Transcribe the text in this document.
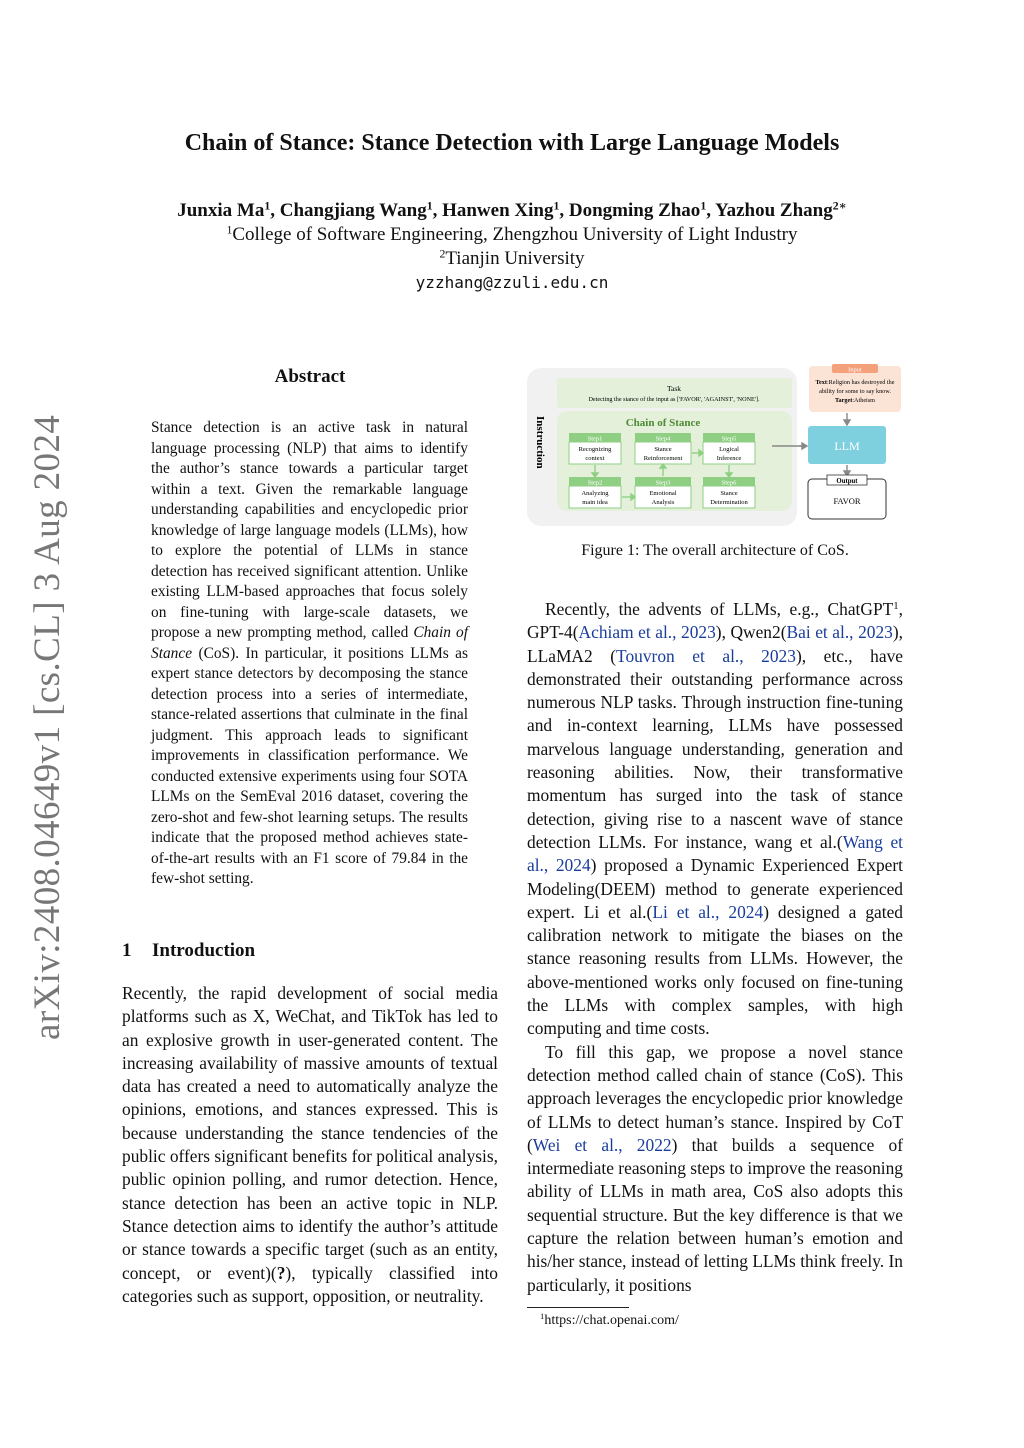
arXiv:2408.04649v1 [cs.CL] 3 Aug 2024
Chain of Stance: Stance Detection with Large Language Models
Junxia Ma$^1$, Changjiang Wang$^1$, Hanwen Xing$^1$, Dongming Zhao$^1$, Yazhou Zhang$^{2∗}$
$^1$College of Software Engineering, Zhengzhou University of Light Industry
$^2$Tianjin University
yzzhang@zzuli.edu.cn
Abstract
Stance detection is an active task in natural language processing (NLP) that aims to identify the author’s stance towards a particular target within a text. Given the remarkable language understanding capabilities and encyclopedic prior knowledge of large language models (LLMs), how to explore the potential of LLMs in stance detection has received significant attention. Unlike existing LLM-based approaches that focus solely on fine-tuning with large-scale datasets, we propose a new prompting method, called Chain of Stance (CoS). In particular, it positions LLMs as expert stance detectors by decomposing the stance detection process into a series of intermediate, stance-related assertions that culminate in the final judgment. This approach leads to significant improvements in classification performance. We conducted extensive experiments using four SOTA LLMs on the SemEval 2016 dataset, covering the zero-shot and few-shot learning setups. The results indicate that the proposed method achieves state-of-the-art results with an F1 score of 79.84 in the few-shot setting.
1 Introduction

Recently, the rapid development of social media platforms such as X, WeChat, and TikTok has led to an explosive growth in user-generated content. The increasing availability of massive amounts of textual data has created a need to automatically analyze the opinions, emotions, and stances expressed. This is because understanding the stance tendencies of the public offers significant benefits for political analysis, public opinion polling, and rumor detection. Hence, stance detection has been an active topic in NLP. Stance detection aims to identify the author’s attitude or stance towards a specific target (such as an entity, concept, or event)(?), typically classified into categories such as support, opposition, or neutrality.

Instruction
Task
Detecting the stance of the input as ['FAVOR', 'AGAINST', 'NONE'].
Chain of Stance
Step1
Recognizing
context
Step4
Stance
Reinforcement
Step5
Logical
Inference
Step2
Analyzing
main idea
Step3
Emotional
Analysis
Step6
Stance
Determination
Input
Text:Religion has destroyed the
ability for some to say know.
Target:Atheism
LLM
Output
FAVOR
Figure 1: The overall architecture of CoS.

Recently, the advents of LLMs, e.g., ChatGPT$^1$, GPT-4(Achiam et al., 2023), Qwen2(Bai et al., 2023), LLaMA2 (Touvron et al., 2023), etc., have demonstrated their outstanding performance across numerous NLP tasks. Through instruction fine-tuning and in-context learning, LLMs have possessed marvelous language understanding, generation and reasoning abilities. Now, their transformative momentum has surged into the task of stance detection, giving rise to a nascent wave of stance detection LLMs. For instance, wang et al.(Wang et al., 2024) proposed a Dynamic Experienced Expert Modeling(DEEM) method to generate experienced expert. Li et al.(Li et al., 2024) designed a gated calibration network to mitigate the biases on the stance reasoning results from LLMs. However, the above-mentioned works only focused on fine-tuning the LLMs with complex samples, with high computing and time costs.

To fill this gap, we propose a novel stance detection method called chain of stance (CoS). This approach leverages the encyclopedic prior knowledge of LLMs to detect human’s stance. Inspired by CoT (Wei et al., 2022) that builds a sequence of intermediate reasoning steps to improve the reasoning ability of LLMs in math area, CoS also adopts this sequential structure. But the key difference is that we capture the relation between human’s emotion and his/her stance, instead of letting LLMs think freely. In particularly, it positions

$^1$https://chat.openai.com/
